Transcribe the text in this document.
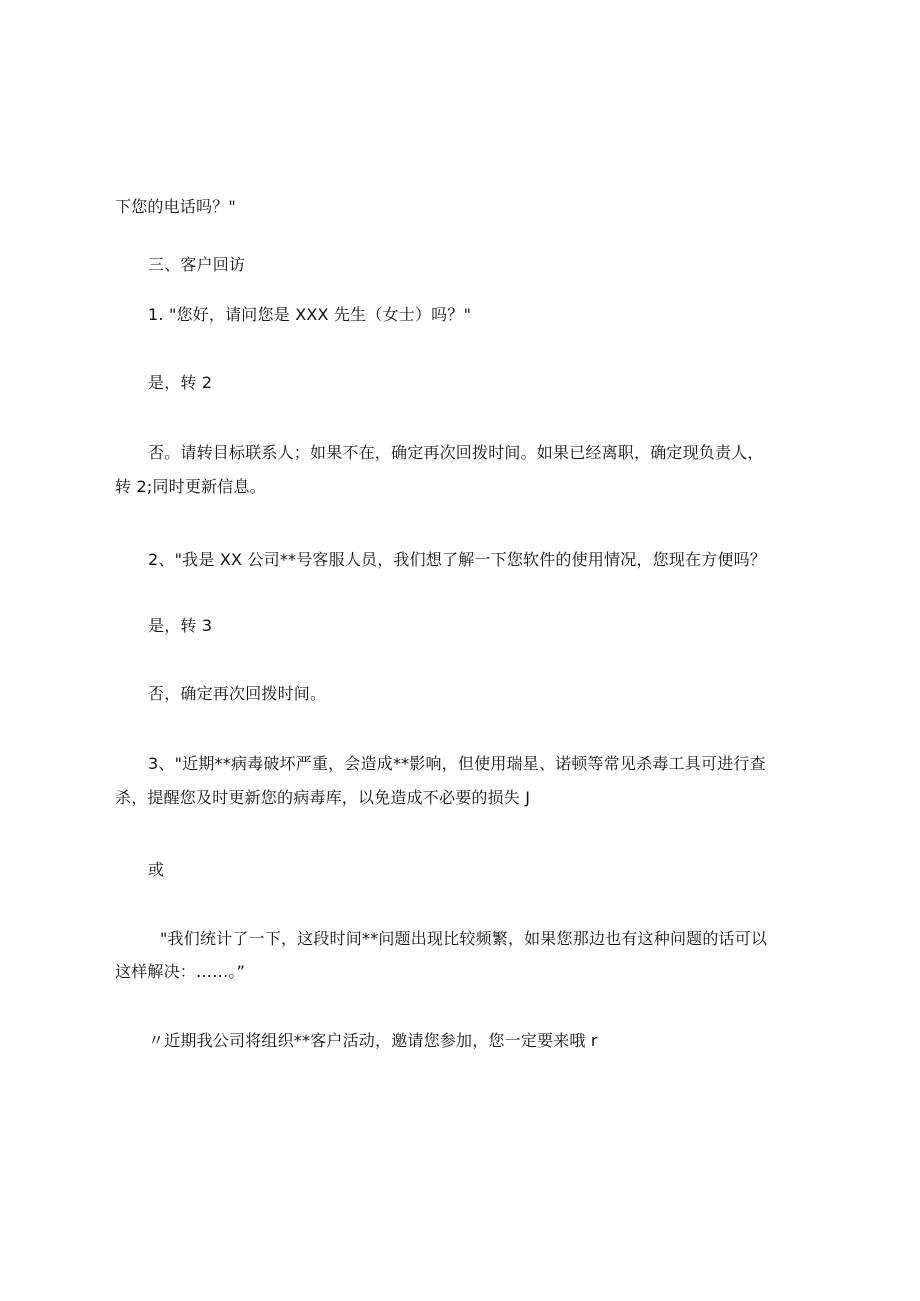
下您的电话吗？"
三、客户回访
1. "您好，请问您是 XXX 先生（女士）吗？"
是，转 2
否。请转目标联系人；如果不在，确定再次回拨时间。如果已经离职，确定现负责人，
转 2;同时更新信息。
2、"我是 XX 公司**号客服人员，我们想了解一下您软件的使用情况，您现在方便吗？
是，转 3
否，确定再次回拨时间。
3、"近期**病毒破坏严重，会造成**影响，但使用瑞星、诺顿等常见杀毒工具可进行查
杀，提醒您及时更新您的病毒库，以免造成不必要的损失 J
或
"我们统计了一下，这段时间**问题出现比较频繁，如果您那边也有这种问题的话可以
这样解决：……。”
〃近期我公司将组织**客户活动，邀请您参加，您一定要来哦 r
